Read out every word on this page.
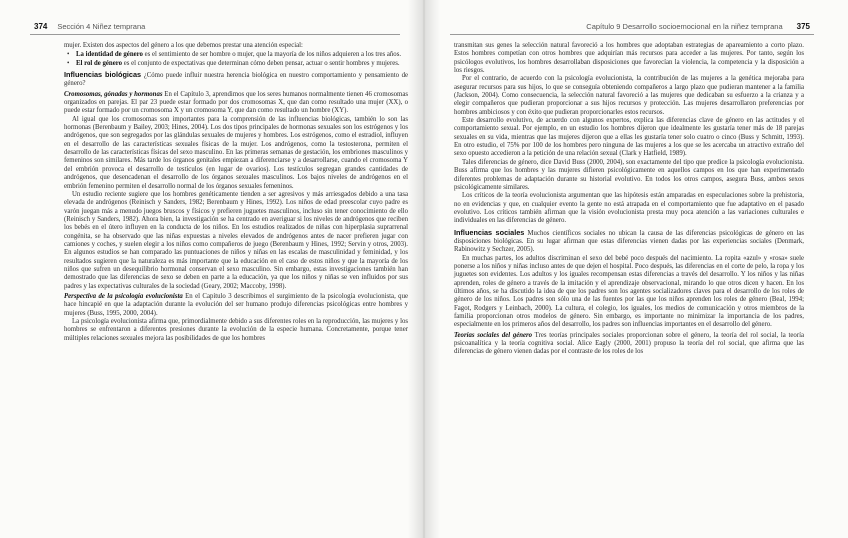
374 Sección 4 Niñez temprana

mujer. Existen dos aspectos del género a los que debemos prestar una atención especial:

• La identidad de género es el sentimiento de ser hombre o mujer, que la mayoría de los niños adquieren a los tres años.
• El rol de género es el conjunto de expectativas que determinan cómo deben pensar, actuar o sentir hombres y mujeres.

Influencias biológicas ¿Cómo puede influir nuestra herencia biológica en nuestro comportamiento y pensamiento de género?

Cromosomas, gónadas y hormonas En el Capítulo 3, aprendimos que los seres humanos normalmente tienen 46 cromosomas organizados en parejas. El par 23 puede estar formado por dos cromosomas X, que dan como resultado una mujer (XX), o puede estar formado por un cromosoma X y un cromosoma Y, que dan como resultado un hombre (XY).

Al igual que los cromosomas son importantes para la comprensión de las influencias biológicas, también lo son las hormonas (Berenbaum y Bailey, 2003; Hines, 2004). Los dos tipos principales de hormonas sexuales son los estrógenos y los andrógenos, que son segregados por las glándulas sexuales de mujeres y hombres. Los estrógenos, como el estradiol, influyen en el desarrollo de las características sexuales físicas de la mujer. Los andrógenos, como la testosterona, permiten el desarrollo de las características físicas del sexo masculino. En las primeras semanas de gestación, los embriones masculinos y femeninos son similares. Más tarde los órganos genitales empiezan a diferenciarse y a desarrollarse, cuando el cromosoma Y del embrión provoca el desarrollo de testículos (en lugar de ovarios). Los testículos segregan grandes cantidades de andrógenos, que desencadenan el desarrollo de los órganos sexuales masculinos. Los bajos niveles de andrógenos en el embrión femenino permiten el desarrollo normal de los órganos sexuales femeninos.

Un estudio reciente sugiere que los hombres genéticamente tienden a ser agresivos y más arriesgados debido a una tasa elevada de andrógenos (Reinisch y Sanders, 1982; Berenbaum y Hines, 1992). Los niños de edad preescolar cuyo padre es varón juegan más a menudo juegos bruscos y físicos y prefieren juguetes masculinos, incluso sin tener conocimiento de ello (Reinisch y Sanders, 1982). Ahora bien, la investigación se ha centrado en averiguar si los niveles de andrógenos que reciben los bebés en el útero influyen en la conducta de los niños. En los estudios realizados de niñas con hiperplasia suprarrenal congénita, se ha observado que las niñas expuestas a niveles elevados de andrógenos antes de nacer prefieren jugar con camiones y coches, y suelen elegir a los niños como compañeros de juego (Berenbaum y Hines, 1992; Servin y otros, 2003). En algunos estudios se han comparado las puntuaciones de niños y niñas en las escalas de masculinidad y feminidad, y los resultados sugieren que la naturaleza es más importante que la educación en el caso de estos niños y que la mayoría de los niños que sufren un desequilibrio hormonal conservan el sexo masculino. Sin embargo, estas investigaciones también han demostrado que las diferencias de sexo se deben en parte a la educación, ya que los niños y niñas se ven influidos por sus padres y las expectativas culturales de la sociedad (Geary, 2002; Maccoby, 1998).

Perspectiva de la psicología evolucionista En el Capítulo 3 describimos el surgimiento de la psicología evolucionista, que hace hincapié en que la adaptación durante la evolución del ser humano produjo diferencias psicológicas entre hombres y mujeres (Buss, 1995, 2000, 2004).

La psicología evolucionista afirma que, primordialmente debido a sus diferentes roles en la reproducción, las mujeres y los hombres se enfrentaron a diferentes presiones durante la evolución de la especie humana. Concretamente, porque tener múltiples relaciones sexuales mejora las posibilidades de que los hombres

Capítulo 9 Desarrollo socioemocional en la niñez temprana 375

transmitan sus genes la selección natural favoreció a los hombres que adoptaban estrategias de apareamiento a corto plazo. Estos hombres competían con otros hombres que adquirían más recursos para acceder a las mujeres. Por tanto, según los psicólogos evolutivos, los hombres desarrollaban disposiciones que favorecían la violencia, la competencia y la disposición a los riesgos.

Por el contrario, de acuerdo con la psicología evolucionista, la contribución de las mujeres a la genética mejoraba para asegurar recursos para sus hijos, lo que se conseguía obteniendo compañeros a largo plazo que pudieran mantener a la familia (Jackson, 2004). Como consecuencia, la selección natural favoreció a las mujeres que dedicaban su esfuerzo a la crianza y a elegir compañeros que pudieran proporcionar a sus hijos recursos y protección. Las mujeres desarrollaron preferencias por hombres ambiciosos y con éxito que pudieran proporcionarles estos recursos.

Este desarrollo evolutivo, de acuerdo con algunos expertos, explica las diferencias clave de género en las actitudes y el comportamiento sexual. Por ejemplo, en un estudio los hombres dijeron que idealmente les gustaría tener más de 18 parejas sexuales en su vida, mientras que las mujeres dijeron que a ellas les gustaría tener solo cuatro o cinco (Buss y Schmitt, 1993). En otro estudio, el 75% por 100 de los hombres pero ninguna de las mujeres a los que se les acercaba un atractivo extraño del sexo opuesto accedieron a la petición de una relación sexual (Clark y Hatfield, 1989).

Tales diferencias de género, dice David Buss (2000, 2004), son exactamente del tipo que predice la psicología evolucionista. Buss afirma que los hombres y las mujeres difieren psicológicamente en aquellos campos en los que han experimentado diferentes problemas de adaptación durante su historial evolutivo. En todos los otros campos, asegura Buss, ambos sexos psicológicamente similares.

Los críticos de la teoría evolucionista argumentan que las hipótesis están amparadas en especulaciones sobre la prehistoria, no en evidencias y que, en cualquier evento la gente no está atrapada en el comportamiento que fue adaptativo en el pasado evolutivo. Los críticos también afirman que la visión evolucionista presta muy poca atención a las variaciones culturales e individuales en las diferencias de género.

Influencias sociales Muchos científicos sociales no ubican la causa de las diferencias psicológicas de género en las disposiciones biológicas. En su lugar afirman que estas diferencias vienen dadas por las experiencias sociales (Denmark, Rabinowitz y Sechzer, 2005).

En muchas partes, los adultos discriminan el sexo del bebé poco después del nacimiento. La ropita «azul» y «rosa» suele ponerse a los niños y niñas incluso antes de que dejen el hospital. Poco después, las diferencias en el corte de pelo, la ropa y los juguetes son evidentes. Los adultos y los iguales recompensan estas diferencias a través del desarrollo. Y los niños y las niñas aprenden, roles de género a través de la imitación y el aprendizaje observacional, mirando lo que otros dicen y hacen. En los últimos años, se ha discutido la idea de que los padres son los agentes socializadores claves para el desarrollo de los roles de género de los niños. Los padres son sólo una de las fuentes por las que los niños aprenden los roles de género (Beal, 1994; Fagot, Rodgers y Leinbach, 2000). La cultura, el colegio, los iguales, los medios de comunicación y otros miembros de la familia proporcionan otros modelos de género. Sin embargo, es importante no minimizar la importancia de los padres, especialmente en los primeros años del desarrollo, los padres son influencias importantes en el desarrollo del género.

Teorías sociales del género Tres teorías principales sociales proporcionan sobre el género, la teoría del rol social, la teoría psicoanalítica y la teoría cognitiva social. Alice Eagly (2000, 2001) propuso la teoría del rol social, que afirma que las diferencias de género vienen dadas por el contraste de los roles de los
